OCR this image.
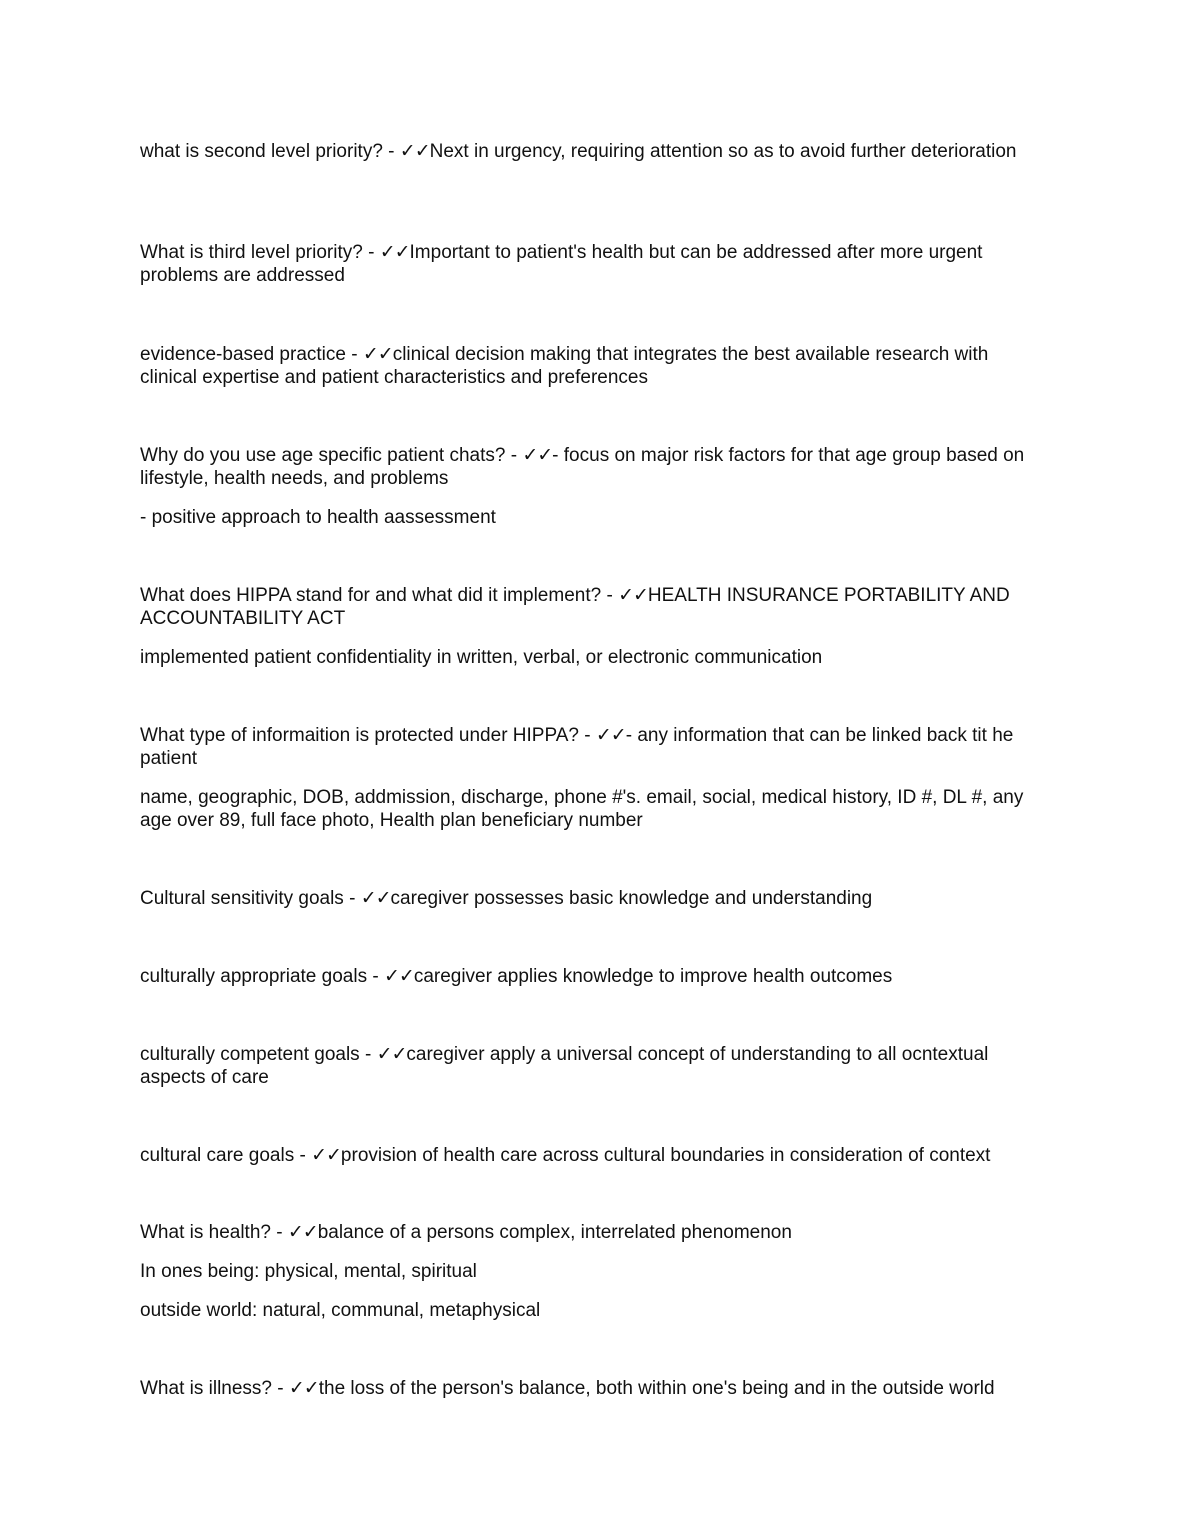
what is second level priority? - ✓✓Next in urgency, requiring attention so as to avoid further deterioration

What is third level priority? - ✓✓Important to patient's health but can be addressed after more urgent problems are addressed

evidence-based practice - ✓✓clinical decision making that integrates the best available research with clinical expertise and patient characteristics and preferences

Why do you use age specific patient chats? - ✓✓- focus on major risk factors for that age group based on lifestyle, health needs, and problems

- positive approach to health aassessment

What does HIPPA stand for and what did it implement? - ✓✓HEALTH INSURANCE PORTABILITY AND ACCOUNTABILITY ACT

implemented patient confidentiality in written, verbal, or electronic communication

What type of informaition is protected under HIPPA? - ✓✓- any information that can be linked back tit he patient

name, geographic, DOB, addmission, discharge, phone #'s. email, social, medical history, ID #, DL #, any age over 89, full face photo, Health plan beneficiary number

Cultural sensitivity goals - ✓✓caregiver possesses basic knowledge and understanding

culturally appropriate goals - ✓✓caregiver applies knowledge to improve health outcomes

culturally competent goals - ✓✓caregiver apply a universal concept of understanding to all ocntextual aspects of care

cultural care goals - ✓✓provision of health care across cultural boundaries in consideration of context

What is health? - ✓✓balance of a persons complex, interrelated phenomenon

In ones being: physical, mental, spiritual

outside world: natural, communal, metaphysical

What is illness? - ✓✓the loss of the person's balance, both within one's being and in the outside world
